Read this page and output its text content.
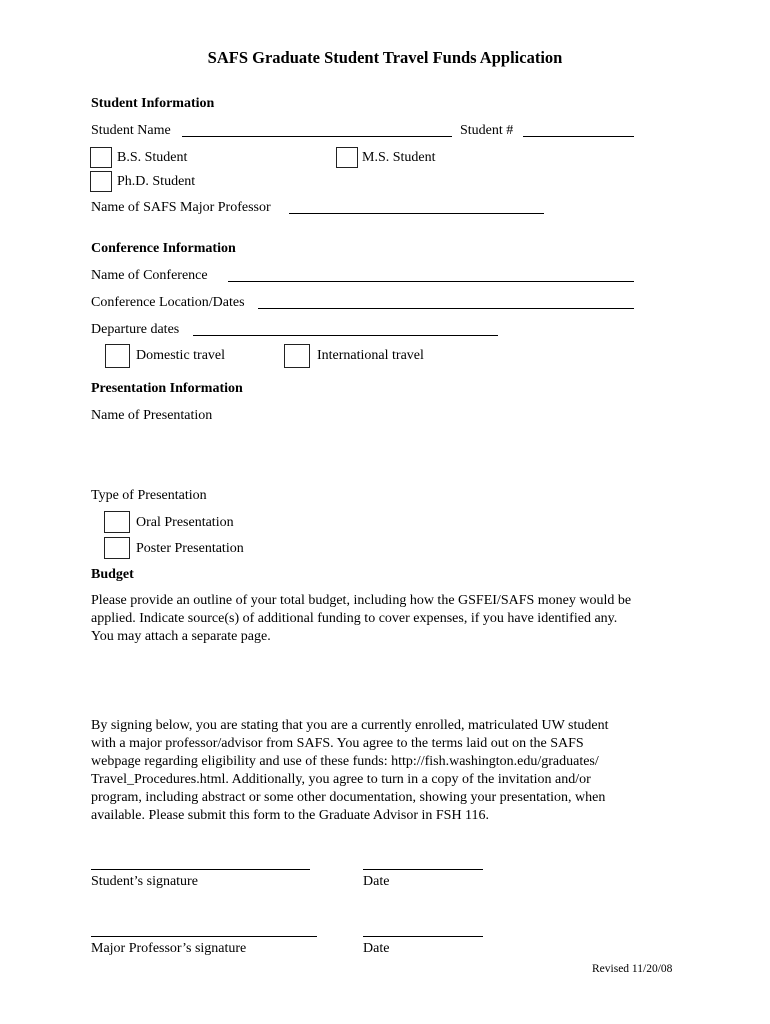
SAFS Graduate Student Travel Funds Application
Student Information
Student Name	Student #
B.S. Student	M.S. Student
Ph.D. Student
Name of SAFS Major Professor
Conference Information
Name of Conference
Conference Location/Dates
Departure dates
Domestic travel	International travel
Presentation Information
Name of Presentation
Type of Presentation
Oral Presentation
Poster Presentation
Budget
Please provide an outline of your total budget, including how the GSFEI/SAFS money would be
applied. Indicate source(s) of additional funding to cover expenses, if you have identified any.
You may attach a separate page.
By signing below, you are stating that you are a currently enrolled, matriculated UW student
with a major professor/advisor from SAFS. You agree to the terms laid out on the SAFS
webpage regarding eligibility and use of these funds: http://fish.washington.edu/graduates/
Travel_Procedures.html. Additionally, you agree to turn in a copy of the invitation and/or
program, including abstract or some other documentation, showing your presentation, when
available. Please submit this form to the Graduate Advisor in FSH 116.
Student’s signature	Date
Major Professor’s signature	Date
Revised 11/20/08
